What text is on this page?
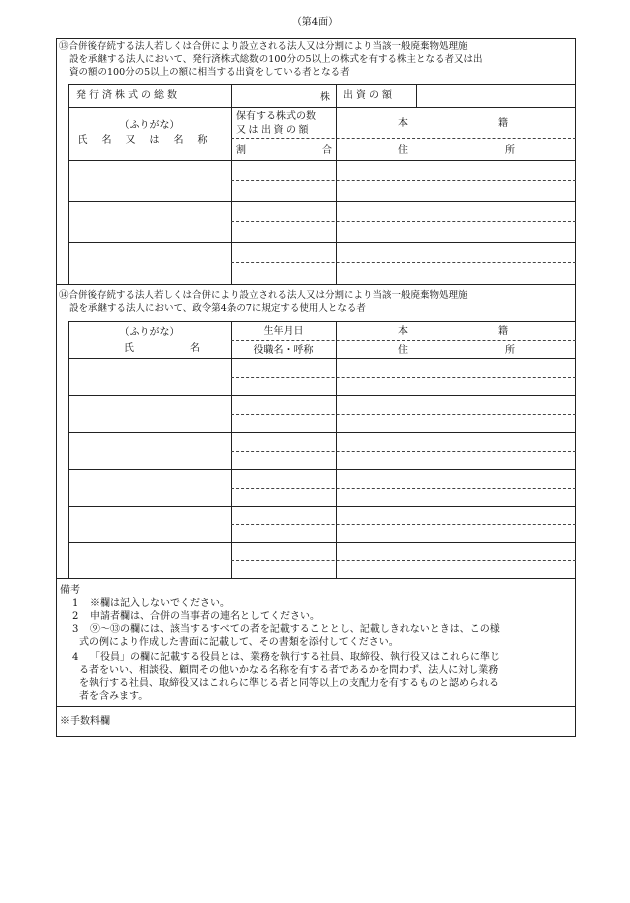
（第4面）
⑬合併後存続する法人若しくは合併により設立される法人又は分割により当該一般廃棄物処理施
設を承継する法人において、発行済株式総数の100分の5以上の株式を有する株主となる者又は出
資の額の100分の5以上の額に相当する出資をしている者となる者
発行済株式の総数	株 出資の額
（ふりがな）
氏名又は名称
保有する株式の数
又は出資の額
割合
本籍
住所
⑭合併後存続する法人若しくは合併により設立される法人又は分割により当該一般廃棄物処理施
設を承継する法人において、政令第4条の7に規定する使用人となる者
（ふりがな）
氏名
生年月日
役職名・呼称
本籍
住所
備考
1 ※欄は記入しないでください。
2 申請者欄は、合併の当事者の連名としてください。
3 ⑨～⑬の欄には、該当するすべての者を記載することとし、記載しきれないときは、この様
式の例により作成した書面に記載して、その書類を添付してください。
4 「役員」の欄に記載する役員とは、業務を執行する社員、取締役、執行役又はこれらに準じ
る者をいい、相談役、顧問その他いかなる名称を有する者であるかを問わず、法人に対し業務
を執行する社員、取締役又はこれらに準じる者と同等以上の支配力を有するものと認められる
者を含みます。
※手数料欄
